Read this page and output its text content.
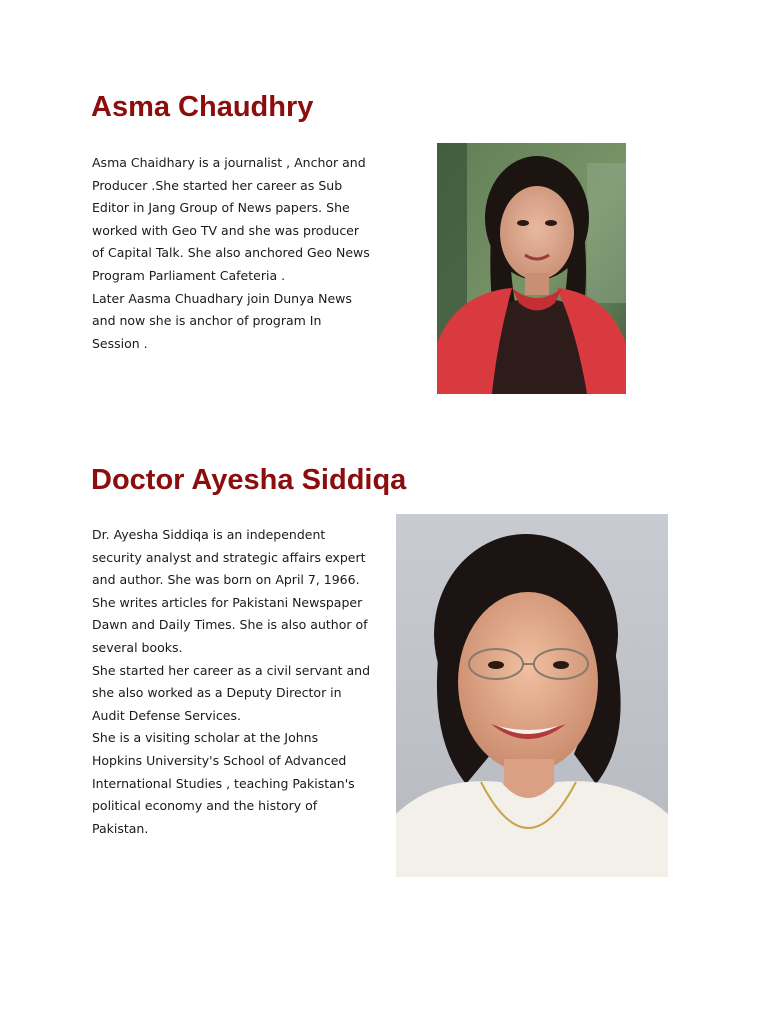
Asma Chaudhry
Asma Chaidhary is a journalist , Anchor and
Producer .She started her career as Sub
Editor in Jang Group of News papers. She
worked with Geo TV and she was producer
of Capital Talk. She also anchored Geo News
Program Parliament Cafeteria .
Later Aasma Chuadhary join Dunya News
and now she is anchor of program In
Session .
Doctor Ayesha Siddiqa
Dr. Ayesha Siddiqa is an independent
security analyst and strategic affairs expert
and author. She was born on April 7, 1966.
She writes articles for Pakistani Newspaper
Dawn and Daily Times. She is also author of
several books.
She started her career as a civil servant and
she also worked as a Deputy Director in
Audit Defense Services.
She is a visiting scholar at the Johns
Hopkins University's School of Advanced
International Studies , teaching Pakistan's
political economy and the history of
Pakistan.
